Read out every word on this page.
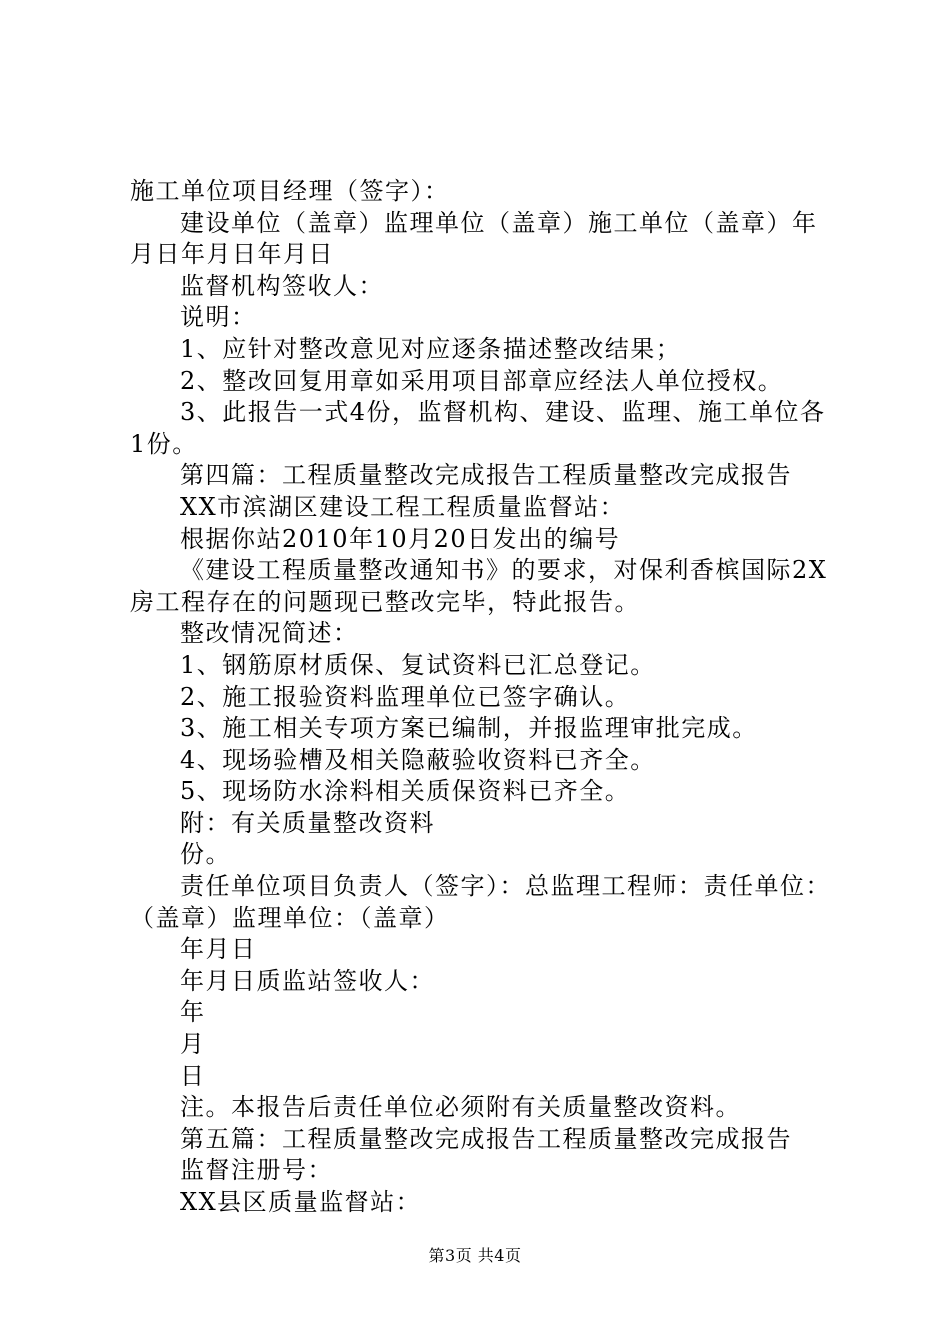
施工单位项目经理（签字）：
建设单位（盖章）监理单位（盖章）施工单位（盖章）年
月日年月日年月日
监督机构签收人：
说明：
1、应针对整改意见对应逐条描述整改结果；
2、整改回复用章如采用项目部章应经法人单位授权。
3、此报告一式4份，监督机构、建设、监理、施工单位各
1份。
第四篇：工程质量整改完成报告工程质量整改完成报告
XX市滨湖区建设工程工程质量监督站：
根据你站2010年10月20日发出的编号
《建设工程质量整改通知书》的要求，对保利香槟国际2X
房工程存在的问题现已整改完毕，特此报告。
整改情况简述：
1、钢筋原材质保、复试资料已汇总登记。
2、施工报验资料监理单位已签字确认。
3、施工相关专项方案已编制，并报监理审批完成。
4、现场验槽及相关隐蔽验收资料已齐全。
5、现场防水涂料相关质保资料已齐全。
附：有关质量整改资料
份。
责任单位项目负责人（签字）：总监理工程师：责任单位：
（盖章）监理单位：（盖章）
年月日
年月日质监站签收人：
年
月
日
注。本报告后责任单位必须附有关质量整改资料。
第五篇：工程质量整改完成报告工程质量整改完成报告
监督注册号：
XX县区质量监督站：
第3页 共4页
